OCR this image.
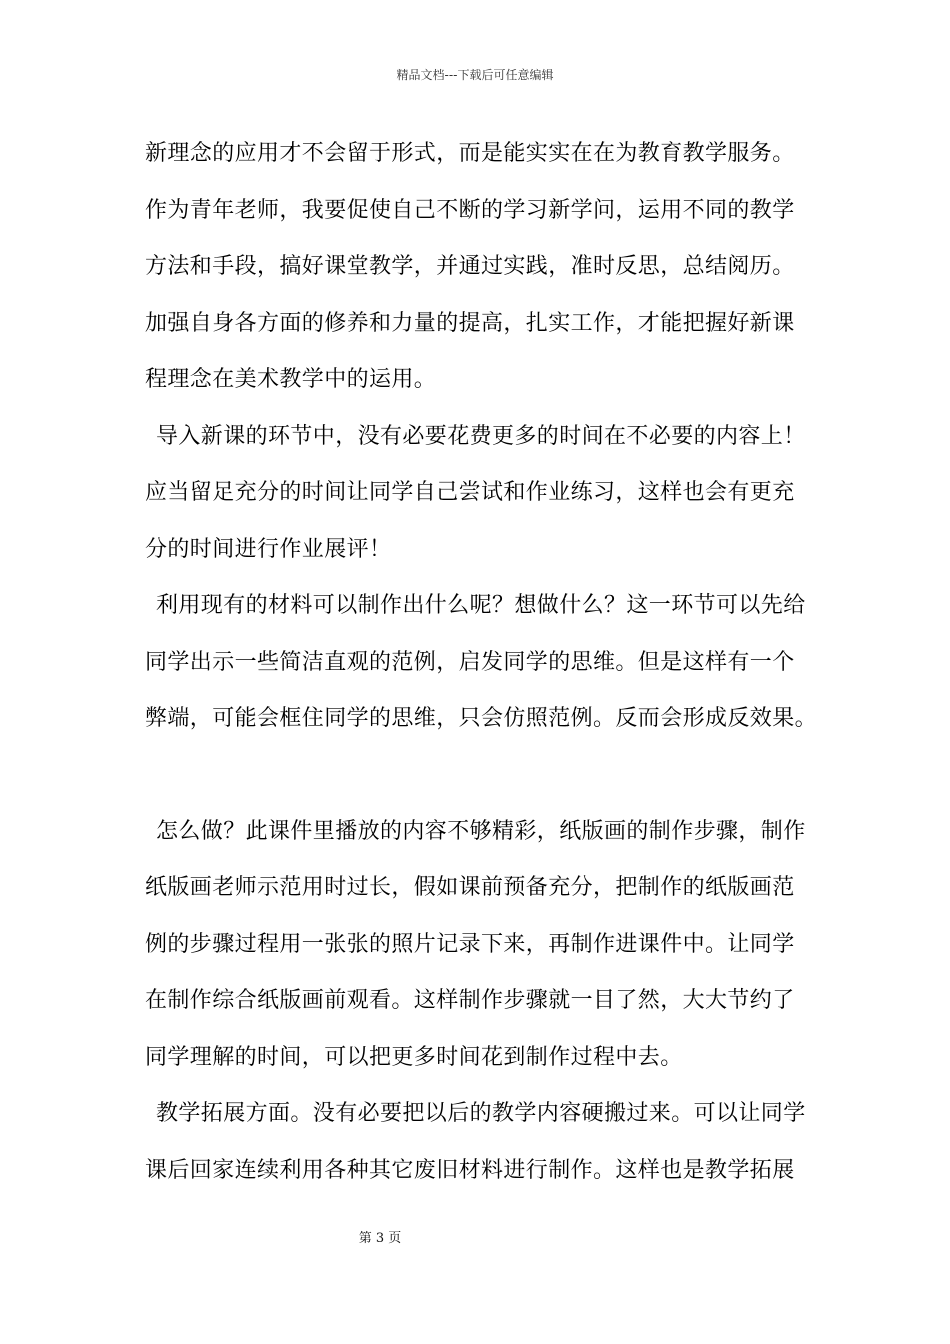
精品文档---下载后可任意编辑
新理念的应用才不会留于形式，而是能实实在在为教育教学服务。
作为青年老师，我要促使自己不断的学习新学问，运用不同的教学
方法和手段，搞好课堂教学，并通过实践，准时反思，总结阅历。
加强自身各方面的修养和力量的提高，扎实工作，才能把握好新课
程理念在美术教学中的运用。
导入新课的环节中，没有必要花费更多的时间在不必要的内容上！
应当留足充分的时间让同学自己尝试和作业练习，这样也会有更充
分的时间进行作业展评！
利用现有的材料可以制作出什么呢？想做什么？这一环节可以先给
同学出示一些简洁直观的范例，启发同学的思维。但是这样有一个
弊端，可能会框住同学的思维，只会仿照范例。反而会形成反效果。
怎么做？此课件里播放的内容不够精彩，纸版画的制作步骤，制作
纸版画老师示范用时过长，假如课前预备充分，把制作的纸版画范
例的步骤过程用一张张的照片记录下来，再制作进课件中。让同学
在制作综合纸版画前观看。这样制作步骤就一目了然，大大节约了
同学理解的时间，可以把更多时间花到制作过程中去。
教学拓展方面。没有必要把以后的教学内容硬搬过来。可以让同学
课后回家连续利用各种其它废旧材料进行制作。这样也是教学拓展
第 3 页
